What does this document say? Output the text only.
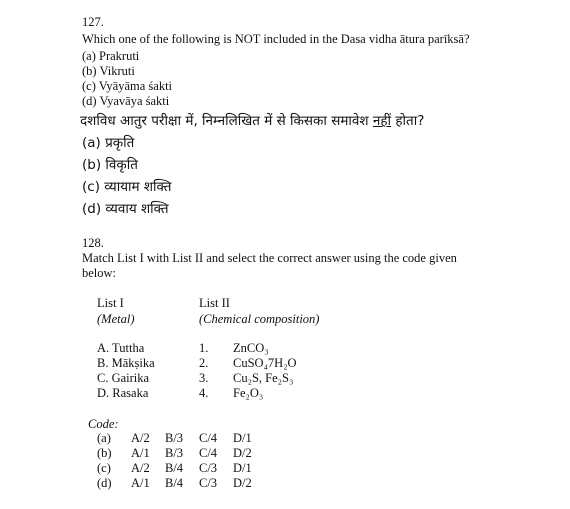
127.
Which one of the following is NOT included in the Dasa vidha ātura parīksā?
(a) Prakruti
(b) Vikruti
(c) Vyāyāma śakti
(d) Vyavāya śakti
दशविध आतुर परीक्षा में, निम्नलिखित में से किसका समावेश नहीं होता?
(a) प्रकृति
(b) विकृति
(c) व्यायाम शक्ति
(d) व्यवाय शक्ति
128.
Match List I with List II and select the correct answer using the code given
below:
List I
(Metal)
List II
(Chemical composition)
A. Tuttha
B. Mākṣika
C. Gairika
D. Rasaka
1.
2.
3.
4.
ZnCO₃
CuSO₄7H₂O
Cu₂S, Fe₂S₃
Fe₂O₃
Code:
(a) A/2 B/3 C/4 D/1
(b) A/1 B/3 C/4 D/2
(c) A/2 B/4 C/3 D/1
(d) A/1 B/4 C/3 D/2
